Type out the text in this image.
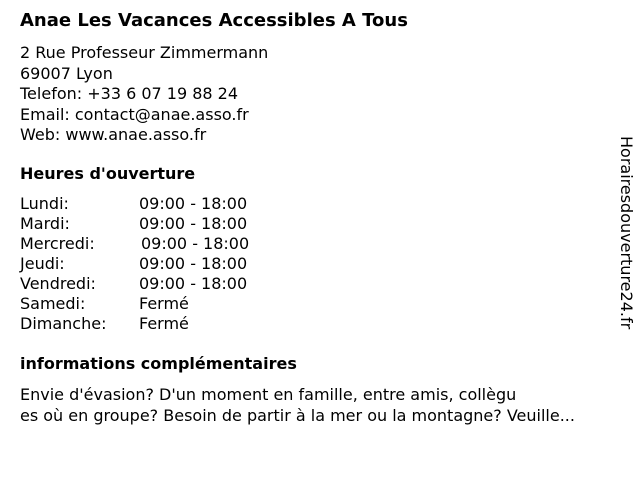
Anae Les Vacances Accessibles A Tous
2 Rue Professeur Zimmermann
69007 Lyon
Telefon: +33 6 07 19 88 24
Email: contact@anae.asso.fr
Web: www.anae.asso.fr
Heures d'ouverture
Lundi:	09:00 - 18:00
Mardi:	09:00 - 18:00
Mercredi:	09:00 - 18:00
Jeudi:	09:00 - 18:00
Vendredi:	09:00 - 18:00
Samedi:	Fermé
Dimanche: Fermé
informations complémentaires
Envie d'évasion? D'un moment en famille, entre amis, collègu
es où en groupe? Besoin de partir à la mer ou la montagne? Veuille...
Horairesdouverture24.fr
